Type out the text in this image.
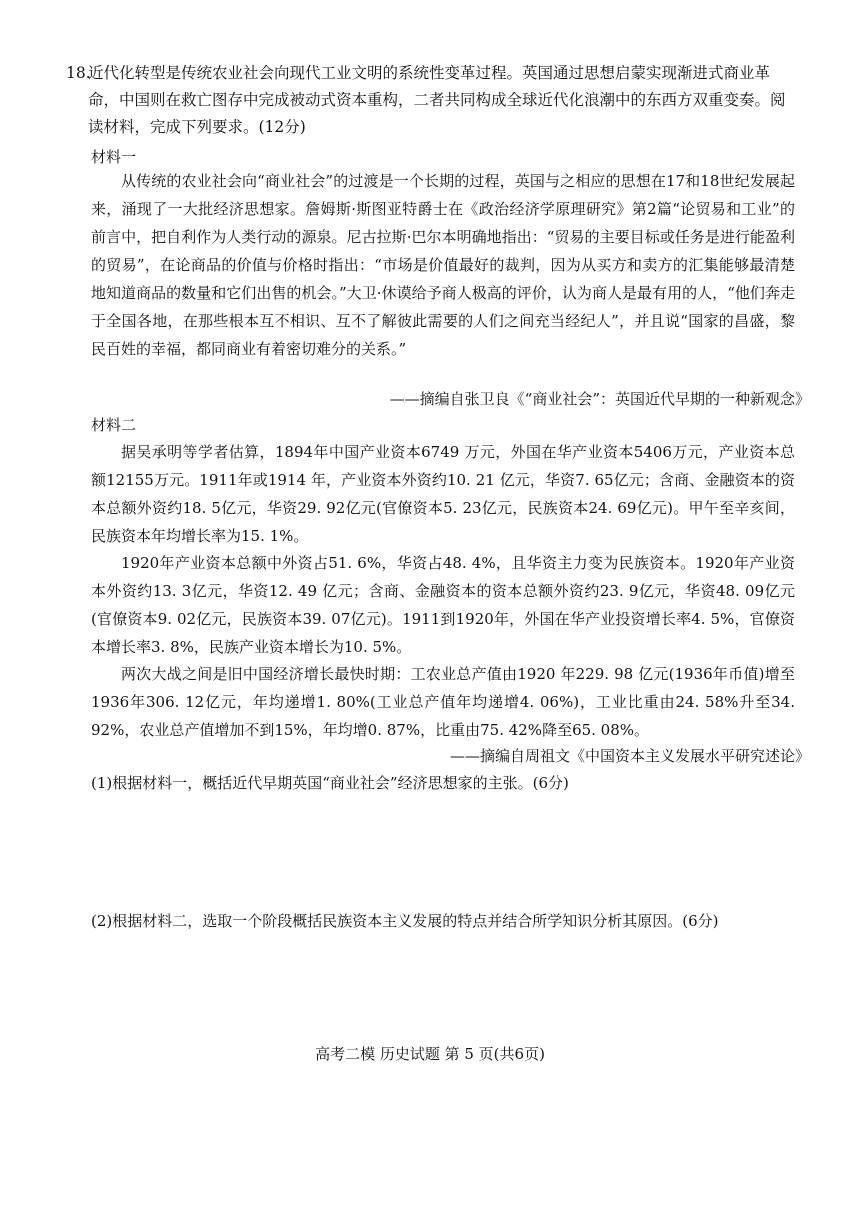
18.
近代化转型是传统农业社会向现代工业文明的系统性变革过程。英国通过思想启蒙实现渐进式商业革命，中国则在救亡图存中完成被动式资本重构，二者共同构成全球近代化浪潮中的东西方双重变奏。阅读材料，完成下列要求。(12分)
材料一
从传统的农业社会向“商业社会”的过渡是一个长期的过程，英国与之相应的思想在17和18世纪发展起来，涌现了一大批经济思想家。詹姆斯·斯图亚特爵士在《政治经济学原理研究》第2篇“论贸易和工业”的前言中，把自利作为人类行动的源泉。尼古拉斯·巴尔本明确地指出：“贸易的主要目标或任务是进行能盈利的贸易”，在论商品的价值与价格时指出：“市场是价值最好的裁判，因为从买方和卖方的汇集能够最清楚地知道商品的数量和它们出售的机会。”大卫·休谟给予商人极高的评价，认为商人是最有用的人，“他们奔走于全国各地，在那些根本互不相识、互不了解彼此需要的人们之间充当经纪人”，并且说“国家的昌盛，黎民百姓的幸福，都同商业有着密切难分的关系。”
——摘编自张卫良《“商业社会”：英国近代早期的一种新观念》
材料二
据吴承明等学者估算，1894年中国产业资本6749 万元，外国在华产业资本5406万元，产业资本总额12155万元。1911年或1914 年，产业资本外资约10. 21 亿元，华资7. 65亿元；含商、金融资本的资本总额外资约18. 5亿元，华资29. 92亿元(官僚资本5. 23亿元，民族资本24. 69亿元)。甲午至辛亥间，民族资本年均增长率为15. 1%。
1920年产业资本总额中外资占51. 6%，华资占48. 4%，且华资主力变为民族资本。1920年产业资本外资约13. 3亿元，华资12. 49 亿元；含商、金融资本的资本总额外资约23. 9亿元，华资48. 09亿元(官僚资本9. 02亿元，民族资本39. 07亿元)。1911到1920年，外国在华产业投资增长率4. 5%，官僚资本增长率3. 8%，民族产业资本增长为10. 5%。
两次大战之间是旧中国经济增长最快时期：工农业总产值由1920 年229. 98 亿元(1936年币值)增至1936年306. 12亿元，年均递增1. 80%(工业总产值年均递增4. 06%)，工业比重由24. 58%升至34. 92%，农业总产值增加不到15%，年均增0. 87%，比重由75. 42%降至65. 08%。
——摘编自周祖文《中国资本主义发展水平研究述论》
(1)根据材料一，概括近代早期英国“商业社会”经济思想家的主张。(6分)
(2)根据材料二，选取一个阶段概括民族资本主义发展的特点并结合所学知识分析其原因。(6分)
高考二模 历史试题 第 5 页(共6页)
